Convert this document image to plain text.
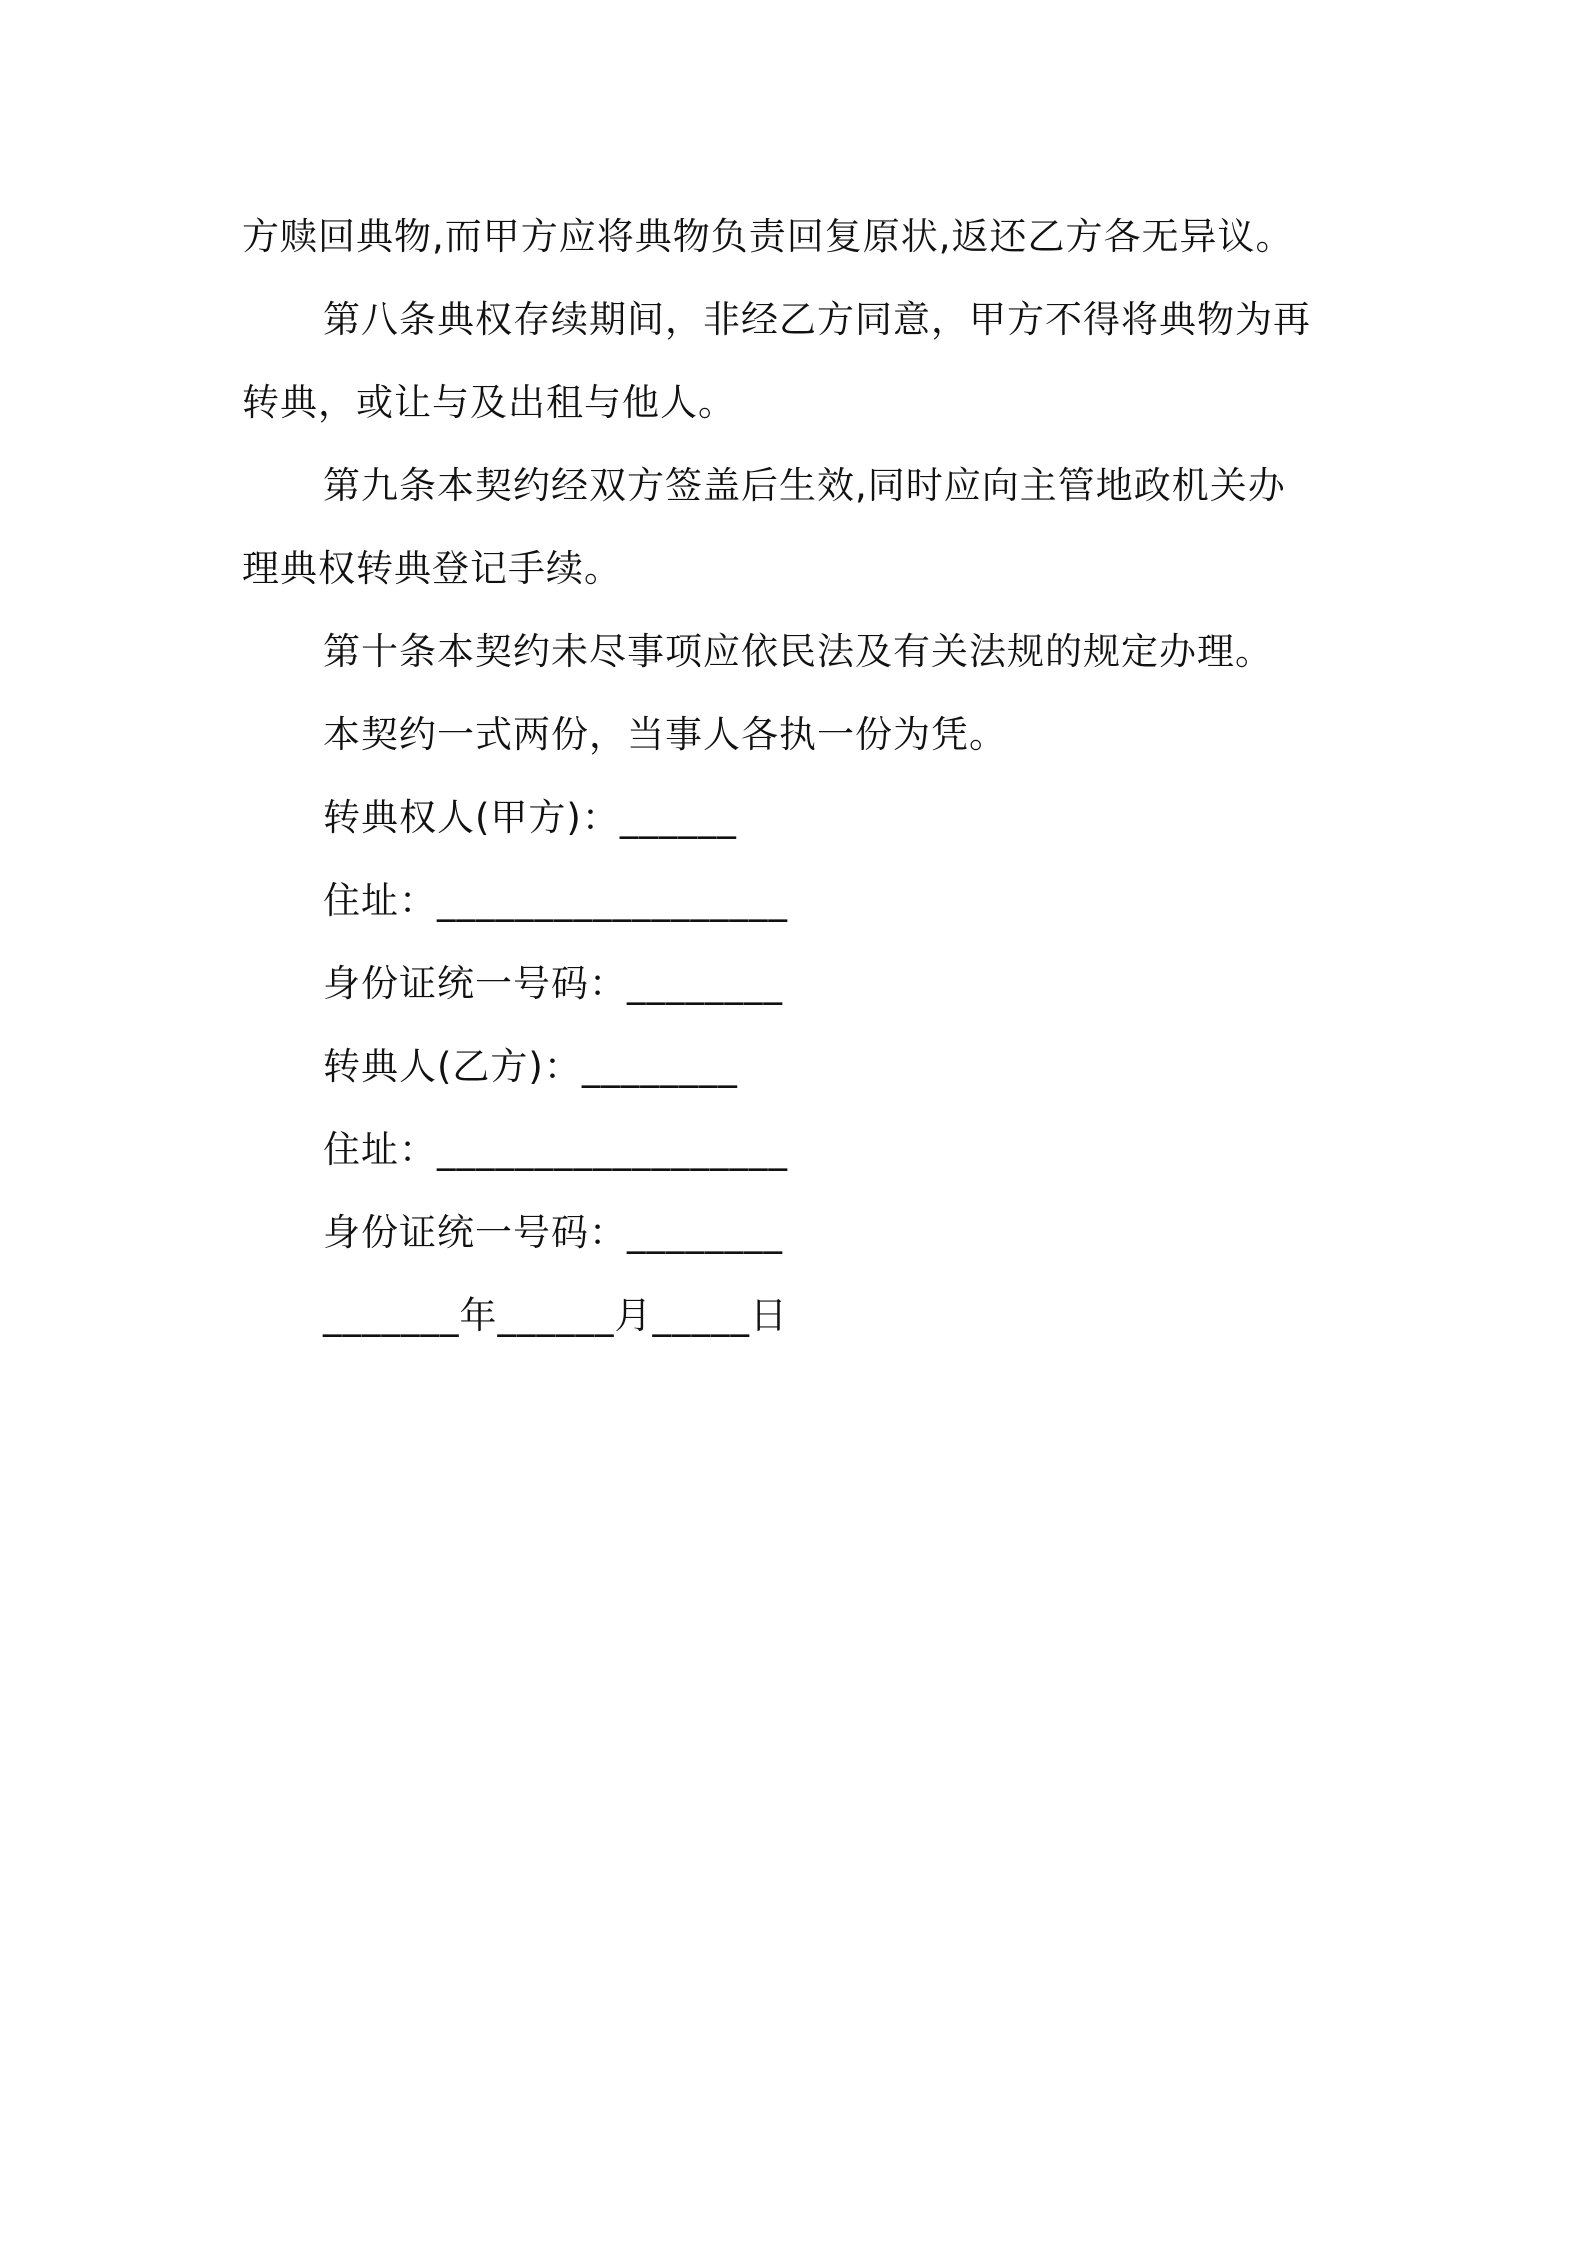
方赎回典物,而甲方应将典物负责回复原状,返还乙方各无异议。
第八条典权存续期间，非经乙方同意，甲方不得将典物为再
转典，或让与及出租与他人。
第九条本契约经双方签盖后生效,同时应向主管地政机关办
理典权转典登记手续。
第十条本契约未尽事项应依民法及有关法规的规定办理。
本契约一式两份，当事人各执一份为凭。
转典权人(甲方)：______
住址：__________________
身份证统一号码：________
转典人(乙方)：________
住址：__________________
身份证统一号码：________
_______年______月_____日
